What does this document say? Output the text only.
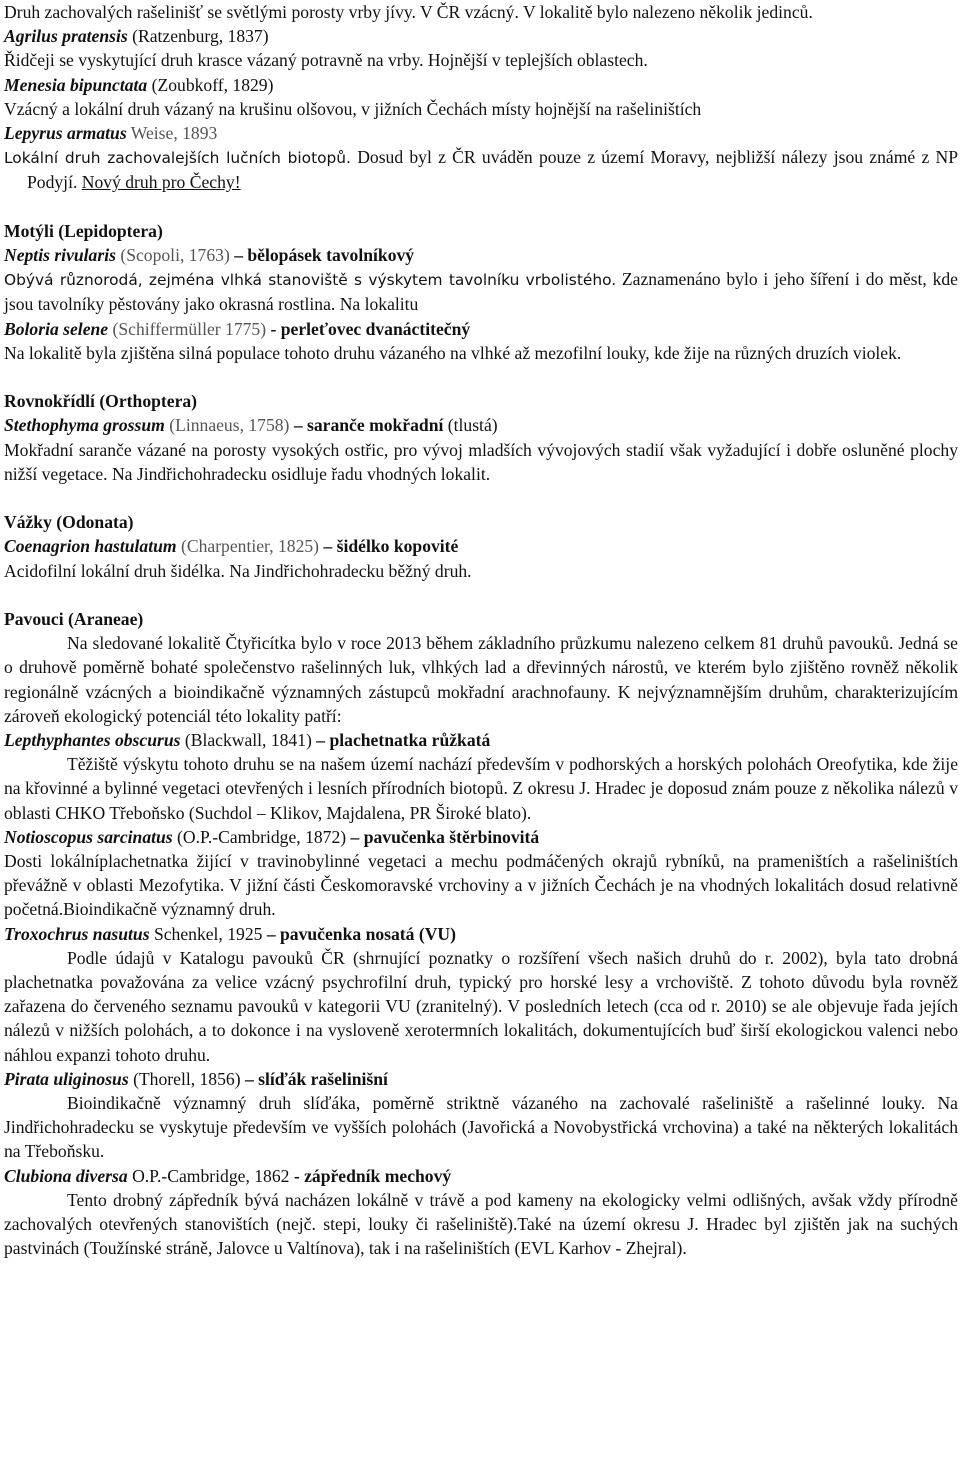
Druh zachovalých rašelinišť se světlými porosty vrby jívy. V ČR vzácný. V lokalitě bylo nalezeno několik jedinců.

Agrilus pratensis (Ratzenburg, 1837)

Řidčeji se vyskytující druh krasce vázaný potravně na vrby. Hojnější v teplejších oblastech.

Menesia bipunctata (Zoubkoff, 1829)

Vzácný a lokální druh vázaný na krušinu olšovou, v jižních Čechách místy hojnější na rašeliništích

Lepyrus armatus Weise, 1893

Lokální druh zachovalejších lučních biotopů. Dosud byl z ČR uváděn pouze z území Moravy, nejbližší nálezy jsou známé z NP Podyjí. Nový druh pro Čechy!

Motýli (Lepidoptera)

Neptis rivularis (Scopoli, 1763) – bělopásek tavolníkový

Obývá různorodá, zejména vlhká stanoviště s výskytem tavolníku vrbolistého. Zaznamenáno bylo i jeho šíření i do měst, kde jsou tavolníky pěstovány jako okrasná rostlina. Na lokalitu

Boloria selene (Schiffermüller 1775) - perleťovec dvanáctitečný

Na lokalitě byla zjištěna silná populace tohoto druhu vázaného na vlhké až mezofilní louky, kde žije na různých druzích violek.

Rovnokřídlí (Orthoptera)

Stethophyma grossum (Linnaeus, 1758) – saranče mokřadní (tlustá)

Mokřadní saranče vázané na porosty vysokých ostřic, pro vývoj mladších vývojových stadií však vyžadující i dobře osluněné plochy nižší vegetace. Na Jindřichohradecku osidluje řadu vhodných lokalit.

Vážky (Odonata)

Coenagrion hastulatum (Charpentier, 1825) – šidélko kopovité

Acidofilní lokální druh šidélka. Na Jindřichohradecku běžný druh.

Pavouci (Araneae)

Na sledované lokalitě Čtyřicítka bylo v roce 2013 během základního průzkumu nalezeno celkem 81 druhů pavouků. Jedná se o druhově poměrně bohaté společenstvo rašelinných luk, vlhkých lad a dřevinných nárostů, ve kterém bylo zjištěno rovněž několik regionálně vzácných a bioindikačně významných zástupců mokřadní arachnofauny. K nejvýznamnějším druhům, charakterizujícím zároveň ekologický potenciál této lokality patří:

Lepthyphantes obscurus (Blackwall, 1841) – plachetnatka růžkatá

Těžiště výskytu tohoto druhu se na našem území nachází především v podhorských a horských polohách Oreofytika, kde žije na křovinné a bylinné vegetaci otevřených i lesních přírodních biotopů. Z okresu J. Hradec je doposud znám pouze z několika nálezů v oblasti CHKO Třeboňsko (Suchdol – Klikov, Majdalena, PR Široké blato).

Notioscopus sarcinatus (O.P.-Cambridge, 1872) – pavučenka štěrbinovitá

Dosti lokálníplachetnatka žijící v travinobylinné vegetaci a mechu podmáčených okrajů rybníků, na prameništích a rašeliništích převážně v oblasti Mezofytika. V jižní části Českomoravské vrchoviny a v jižních Čechách je na vhodných lokalitách dosud relativně početná.Bioindikačně významný druh.

Troxochrus nasutus Schenkel, 1925 – pavučenka nosatá (VU)

Podle údajů v Katalogu pavouků ČR (shrnující poznatky o rozšíření všech našich druhů do r. 2002), byla tato drobná plachetnatka považována za velice vzácný psychrofilní druh, typický pro horské lesy a vrchoviště. Z tohoto důvodu byla rovněž zařazena do červeného seznamu pavouků v kategorii VU (zranitelný). V posledních letech (cca od r. 2010) se ale objevuje řada jejích nálezů v nižších polohách, a to dokonce i na vysloveně xerotermních lokalitách, dokumentujících buď širší ekologickou valenci nebo náhlou expanzi tohoto druhu.

Pirata uliginosus (Thorell, 1856) – slíďák rašelinišní

Bioindikačně významný druh slíďáka, poměrně striktně vázaného na zachovalé rašeliniště a rašelinné louky. Na Jindřichohradecku se vyskytuje především ve vyšších polohách (Javořická a Novobystřická vrchovina) a také na některých lokalitách na Třeboňsku.

Clubiona diversa O.P.-Cambridge, 1862 - zápředník mechový

Tento drobný zápředník bývá nacházen lokálně v trávě a pod kameny na ekologicky velmi odlišných, avšak vždy přírodně zachovalých otevřených stanovištích (nejč. stepi, louky či rašeliniště).Také na území okresu J. Hradec byl zjištěn jak na suchých pastvinách (Toužínské stráně, Jalovce u Valtínova), tak i na rašeliništích (EVL Karhov - Zhejral).
